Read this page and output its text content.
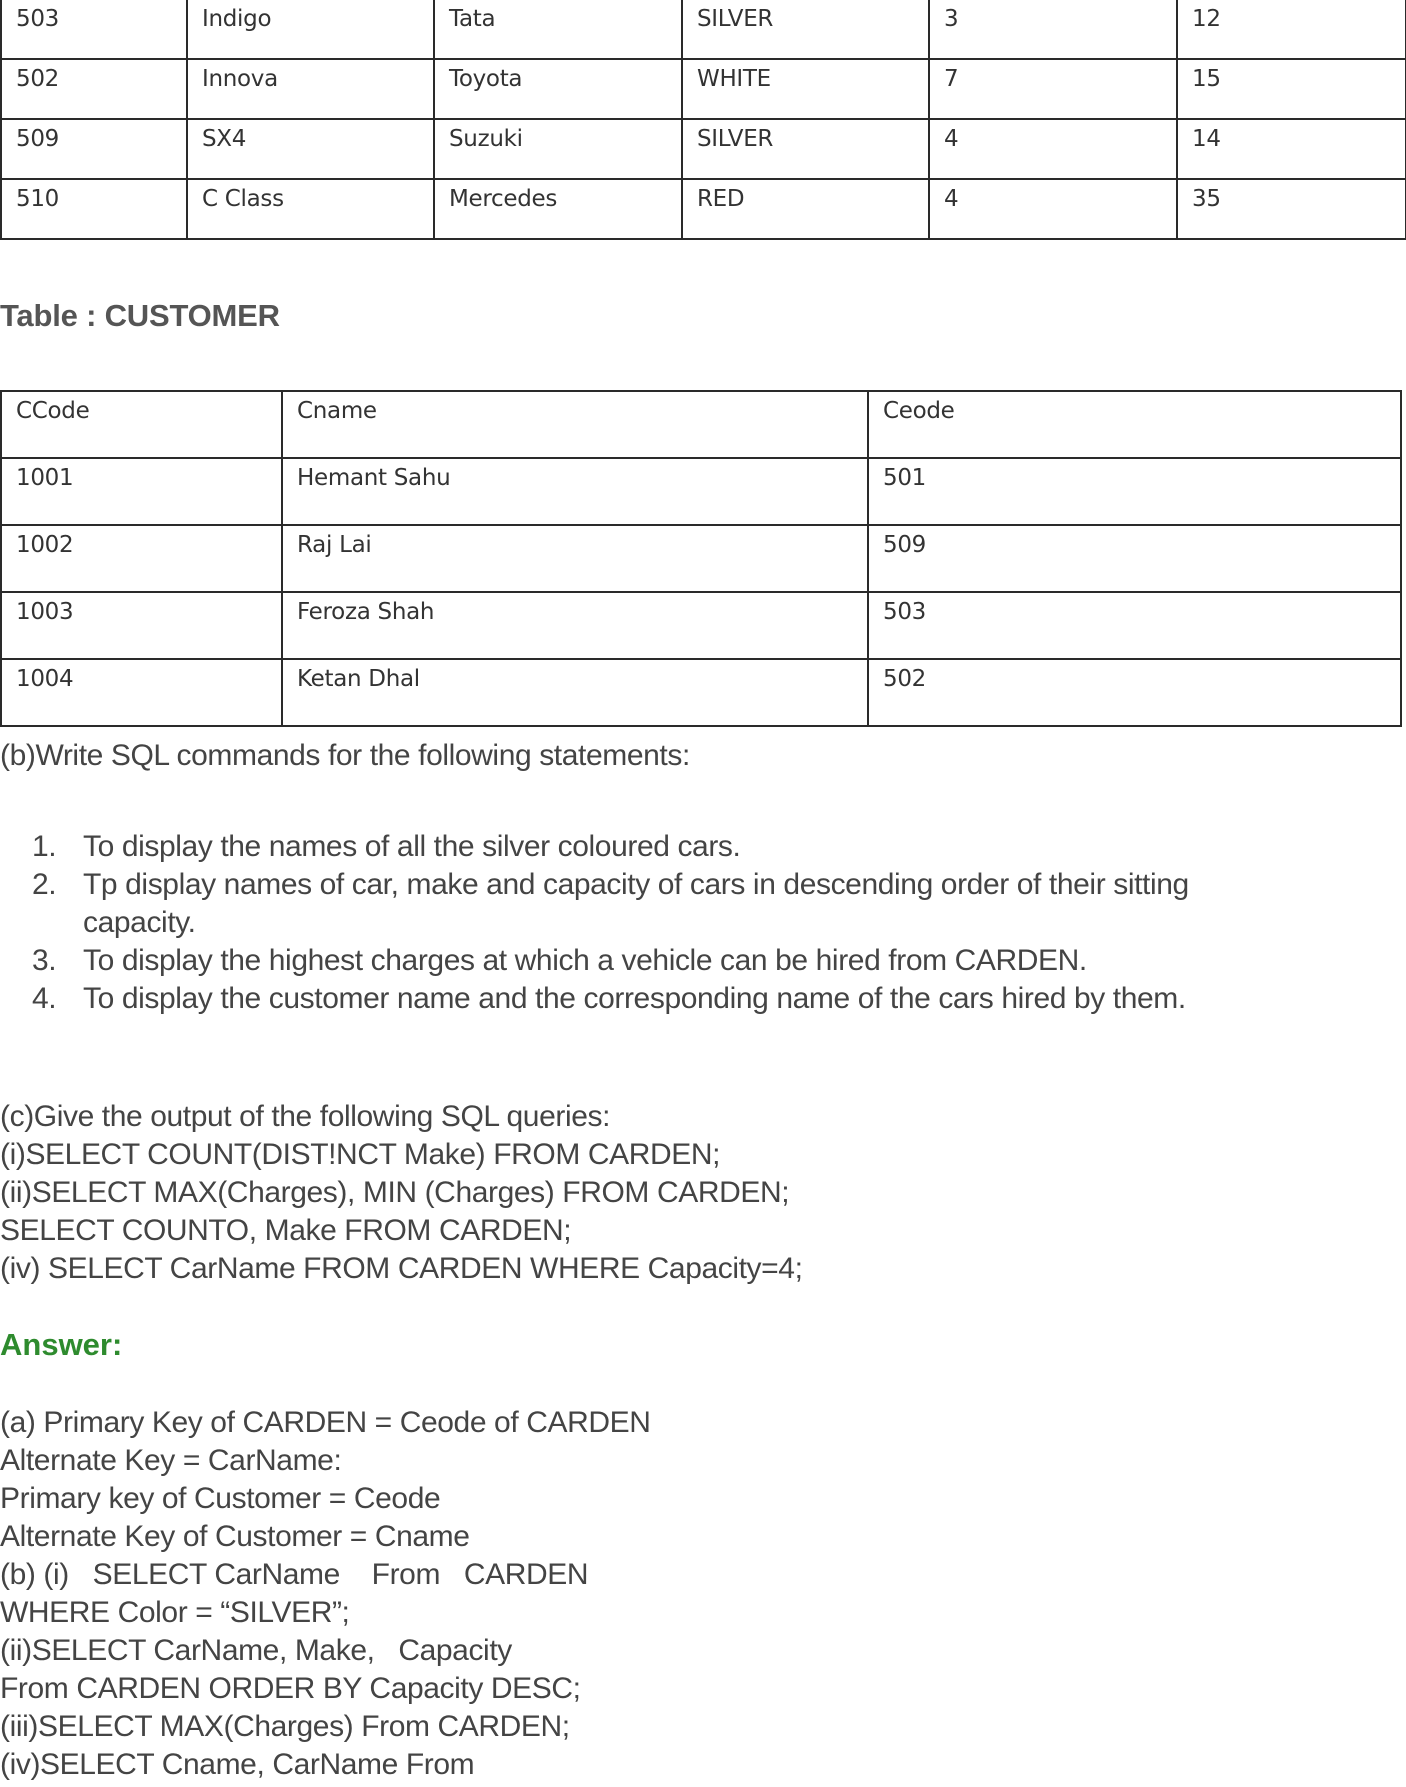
503	Indigo	Tata	SILVER	3	12
502	Innova	Toyota	WHITE	7	15
509	SX4	Suzuki	SILVER	4	14
510	C Class	Mercedes	RED	4	35
Table : CUSTOMER
CCode	Cname	Ceode
1001	Hemant Sahu	501
1002	Raj Lai	509
1003	Feroza Shah	503
1004	Ketan Dhal	502
(b)Write SQL commands for the following statements:
1. To display the names of all the silver coloured cars.
2. Tp display names of car, make and capacity of cars in descending order of their sitting capacity.
3. To display the highest charges at which a vehicle can be hired from CARDEN.
4. To display the customer name and the corresponding name of the cars hired by them.
(c)Give the output of the following SQL queries:
(i)SELECT COUNT(DIST!NCT Make) FROM CARDEN;
(ii)SELECT MAX(Charges), MIN (Charges) FROM CARDEN;
SELECT COUNTO, Make FROM CARDEN;
(iv) SELECT CarName FROM CARDEN WHERE Capacity=4;
Answer:
(a) Primary Key of CARDEN = Ceode of CARDEN
Alternate Key = CarName:
Primary key of Customer = Ceode
Alternate Key of Customer = Cname
(b) (i)   SELECT CarName    From   CARDEN
WHERE Color = “SILVER”;
(ii)SELECT CarName, Make,   Capacity
From CARDEN ORDER BY Capacity DESC;
(iii)SELECT MAX(Charges) From CARDEN;
(iv)SELECT Cname, CarName From
